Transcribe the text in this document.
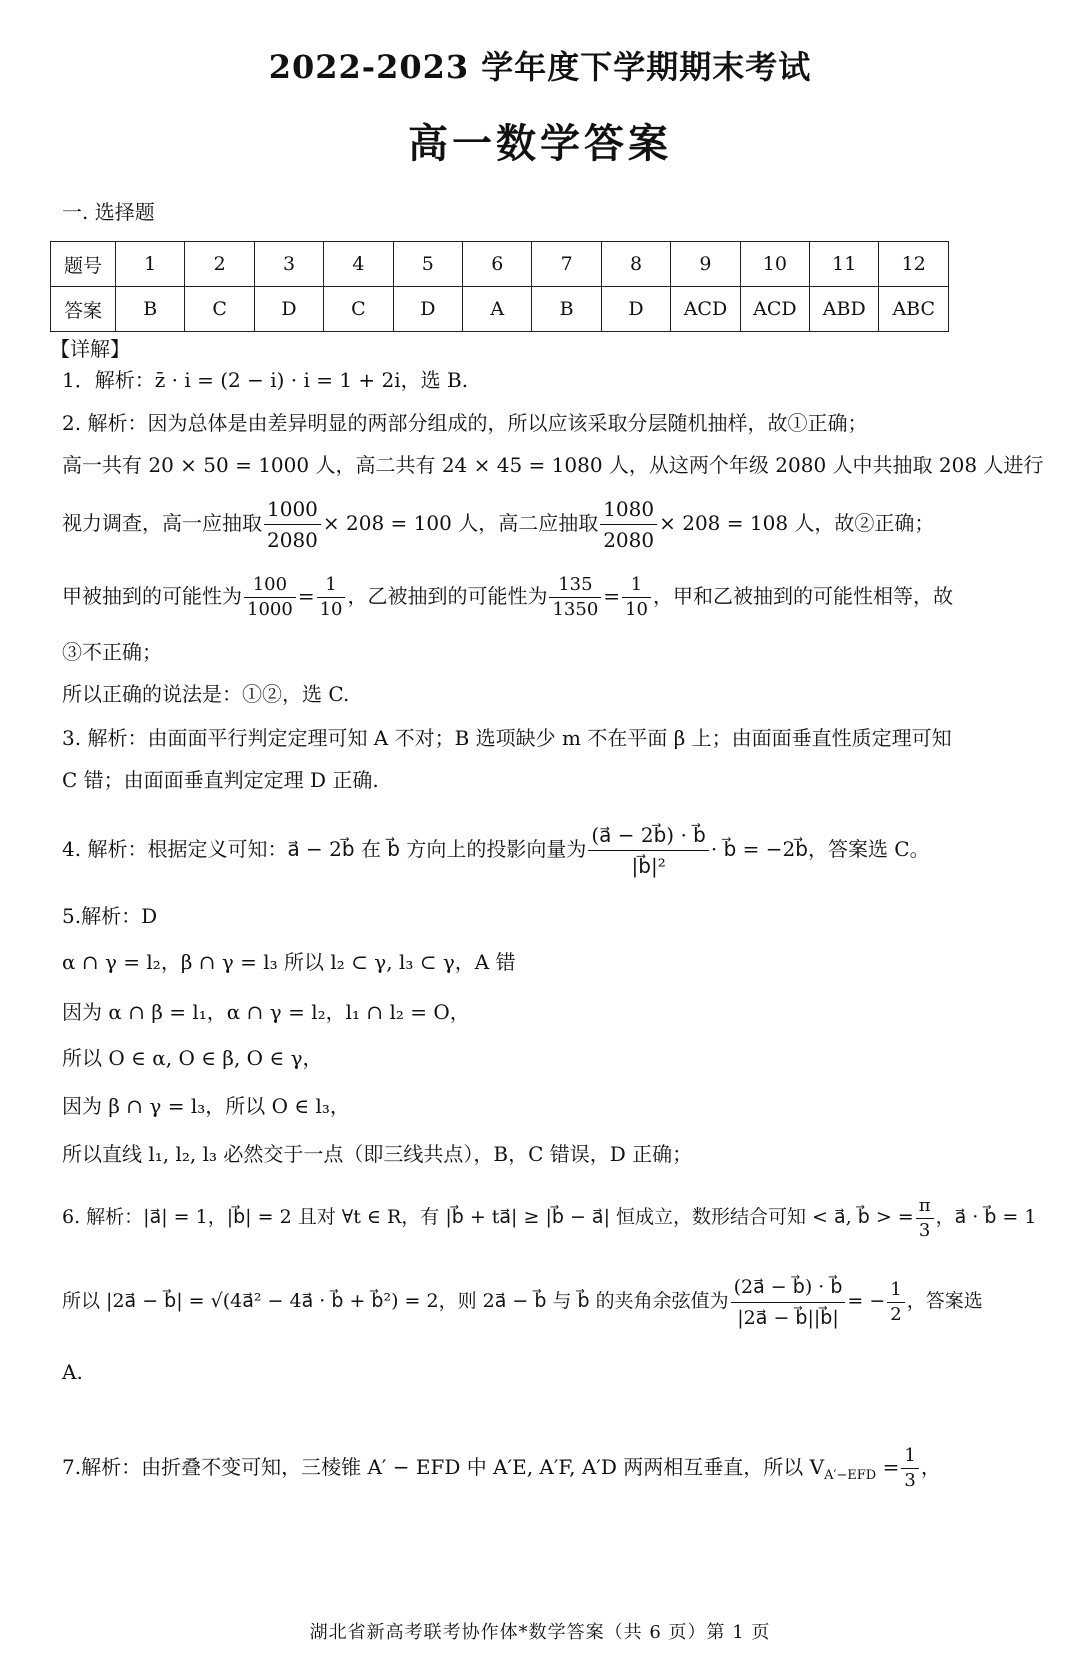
2022-2023 学年度下学期期末考试
高一数学答案
一. 选择题
题号	1	2	3	4	5	6	7	8	9	10	11	12
答案	B	C	D	C	D	A	B	D	ACD	ACD	ABD	ABC
【详解】
1．解析：z̄ · i = (2 − i) · i = 1 + 2i，选 B.
2. 解析：因为总体是由差异明显的两部分组成的，所以应该采取分层随机抽样，故①正确；
高一共有 20 × 50 = 1000 人，高二共有 24 × 45 = 1080 人，从这两个年级 2080 人中共抽取 208 人进行
视力调查，高一应抽取 $\frac{1000}{2080} \times 208 = 100$ 人，高二应抽取 $\frac{1080}{2080} \times 208 = 108$ 人，故②正确；
甲被抽到的可能性为 $\frac{100}{1000} = \frac{1}{10}$ ，乙被抽到的可能性为 $\frac{135}{1350} = \frac{1}{10}$ ，甲和乙被抽到的可能性相等，故
③不正确；
所以正确的说法是：①②，选 C.
3. 解析：由面面平行判定定理可知 A 不对；B 选项缺少 m 不在平面 β 上；由面面垂直性质定理可知
C 错；由面面垂直判定定理 D 正确.
4. 解析：根据定义可知：a⃗ − 2b⃗ 在 b⃗ 方向上的投影向量为 $\frac{(a⃗ - 2b⃗) \cdot b⃗}{\text{|b⃗|²}}$ · b⃗ = −2b⃗，答案选 C。
5.解析：D
α ∩ γ = l₂，β ∩ γ = l₃ 所以 l₂ ⊂ γ, l₃ ⊂ γ，A 错
因为 α ∩ β = l₁，α ∩ γ = l₂，l₁ ∩ l₂ = O，
所以 O ∈ α, O ∈ β, O ∈ γ，
因为 β ∩ γ = l₃，所以 O ∈ l₃，
所以直线 l₁, l₂, l₃ 必然交于一点（即三线共点），B，C 错误，D 正确；
6. 解析：|a⃗| = 1，|b⃗| = 2 且对 ∀t ∈ R，有 |b⃗ + ta⃗| ≥ |b⃗ − a⃗| 恒成立，数形结合可知 < a⃗, b⃗ > = $\frac{\pi}{3}$ ，a⃗ · b⃗ = 1
所以 |2a⃗ − b⃗| = √(4a⃗² − 4a⃗ · b⃗ + b⃗²) = 2，则 2a⃗ − b⃗ 与 b⃗ 的夹角余弦值为 $\frac{(2a⃗ - b⃗) \cdot b⃗}{|2a⃗ - b⃗||b⃗|}$ = − $\frac{1}{2}$ ，答案选
A.
7.解析：由折叠不变可知，三棱锥 A′ − EFD 中 A′E, A′F, A′D 两两相互垂直，所以 $V_{A'-EFD} = \frac{1}{3}$ ，
湖北省新高考联考协作体*数学答案（共 6 页）第 1 页
